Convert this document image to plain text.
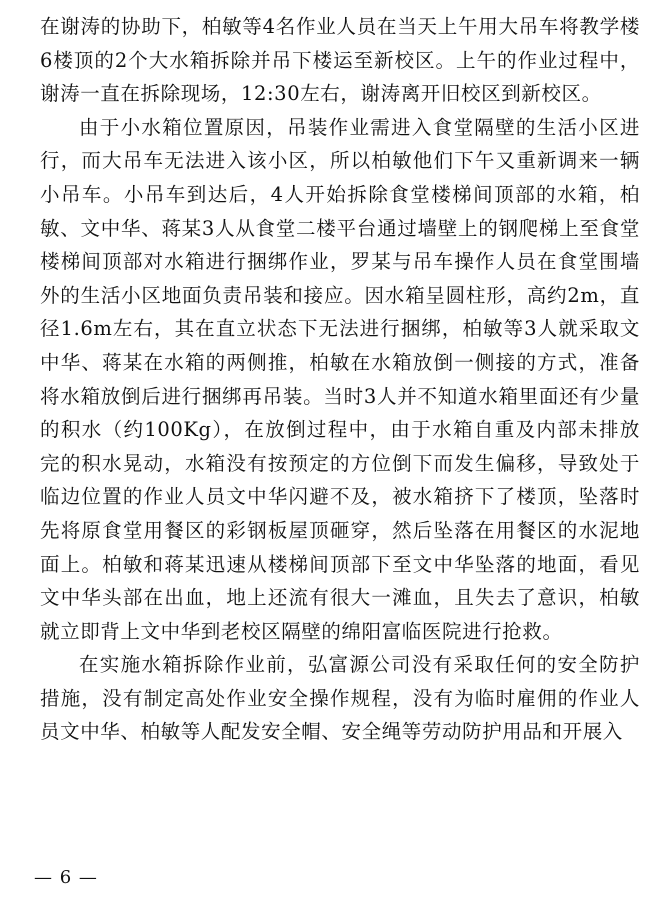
在谢涛的协助下，柏敏等4名作业人员在当天上午用大吊车将教学楼6楼顶的2个大水箱拆除并吊下楼运至新校区。上午的作业过程中，谢涛一直在拆除现场，12:30左右，谢涛离开旧校区到新校区。

由于小水箱位置原因，吊装作业需进入食堂隔壁的生活小区进行，而大吊车无法进入该小区，所以柏敏他们下午又重新调来一辆小吊车。小吊车到达后，4人开始拆除食堂楼梯间顶部的水箱，柏敏、文中华、蒋某3人从食堂二楼平台通过墙壁上的钢爬梯上至食堂楼梯间顶部对水箱进行捆绑作业，罗某与吊车操作人员在食堂围墙外的生活小区地面负责吊装和接应。因水箱呈圆柱形，高约2m，直径1.6m左右，其在直立状态下无法进行捆绑，柏敏等3人就采取文中华、蒋某在水箱的两侧推，柏敏在水箱放倒一侧接的方式，准备将水箱放倒后进行捆绑再吊装。当时3人并不知道水箱里面还有少量的积水（约100Kg），在放倒过程中，由于水箱自重及内部未排放完的积水晃动，水箱没有按预定的方位倒下而发生偏移，导致处于临边位置的作业人员文中华闪避不及，被水箱挤下了楼顶，坠落时先将原食堂用餐区的彩钢板屋顶砸穿，然后坠落在用餐区的水泥地面上。柏敏和蒋某迅速从楼梯间顶部下至文中华坠落的地面，看见文中华头部在出血，地上还流有很大一滩血，且失去了意识，柏敏就立即背上文中华到老校区隔壁的绵阳富临医院进行抢救。

在实施水箱拆除作业前，弘富源公司没有采取任何的安全防护措施，没有制定高处作业安全操作规程，没有为临时雇佣的作业人员文中华、柏敏等人配发安全帽、安全绳等劳动防护用品和开展入

— 6 —
